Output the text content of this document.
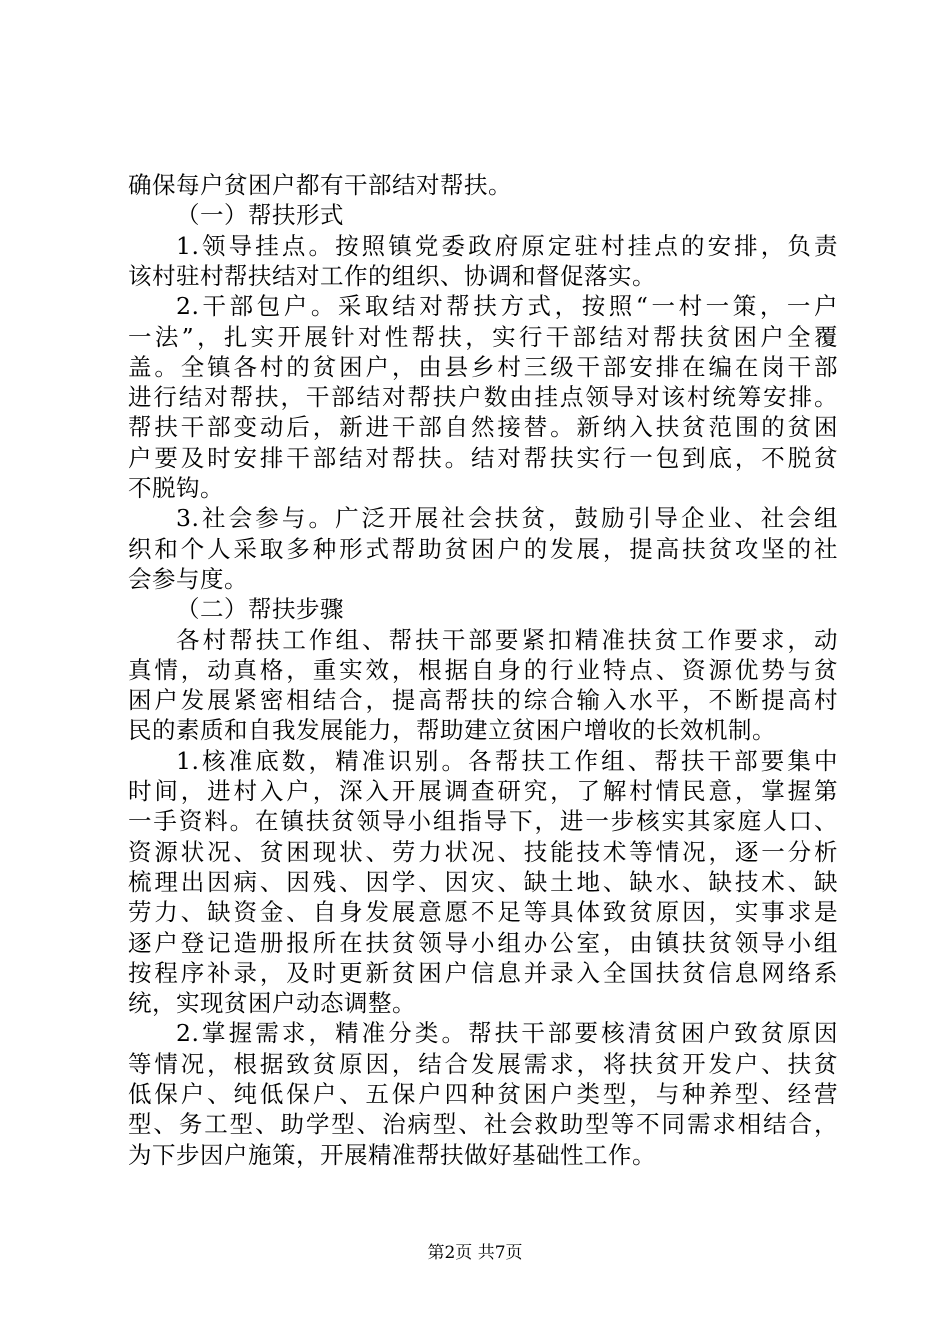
确保每户贫困户都有干部结对帮扶。
（一）帮扶形式
1.领导挂点。按照镇党委政府原定驻村挂点的安排，负责
该村驻村帮扶结对工作的组织、协调和督促落实。
2.干部包户。采取结对帮扶方式，按照“一村一策，一户
一法”，扎实开展针对性帮扶，实行干部结对帮扶贫困户全覆
盖。全镇各村的贫困户，由县乡村三级干部安排在编在岗干部
进行结对帮扶，干部结对帮扶户数由挂点领导对该村统筹安排。
帮扶干部变动后，新进干部自然接替。新纳入扶贫范围的贫困
户要及时安排干部结对帮扶。结对帮扶实行一包到底，不脱贫
不脱钩。
3.社会参与。广泛开展社会扶贫，鼓励引导企业、社会组
织和个人采取多种形式帮助贫困户的发展，提高扶贫攻坚的社
会参与度。
（二）帮扶步骤
各村帮扶工作组、帮扶干部要紧扣精准扶贫工作要求，动
真情，动真格，重实效，根据自身的行业特点、资源优势与贫
困户发展紧密相结合，提高帮扶的综合输入水平，不断提高村
民的素质和自我发展能力，帮助建立贫困户增收的长效机制。
1.核准底数，精准识别。各帮扶工作组、帮扶干部要集中
时间，进村入户，深入开展调查研究，了解村情民意，掌握第
一手资料。在镇扶贫领导小组指导下，进一步核实其家庭人口、
资源状况、贫困现状、劳力状况、技能技术等情况，逐一分析
梳理出因病、因残、因学、因灾、缺土地、缺水、缺技术、缺
劳力、缺资金、自身发展意愿不足等具体致贫原因，实事求是
逐户登记造册报所在扶贫领导小组办公室，由镇扶贫领导小组
按程序补录，及时更新贫困户信息并录入全国扶贫信息网络系
统，实现贫困户动态调整。
2.掌握需求，精准分类。帮扶干部要核清贫困户致贫原因
等情况，根据致贫原因，结合发展需求，将扶贫开发户、扶贫
低保户、纯低保户、五保户四种贫困户类型，与种养型、经营
型、务工型、助学型、治病型、社会救助型等不同需求相结合，
为下步因户施策，开展精准帮扶做好基础性工作。
第2页 共7页
